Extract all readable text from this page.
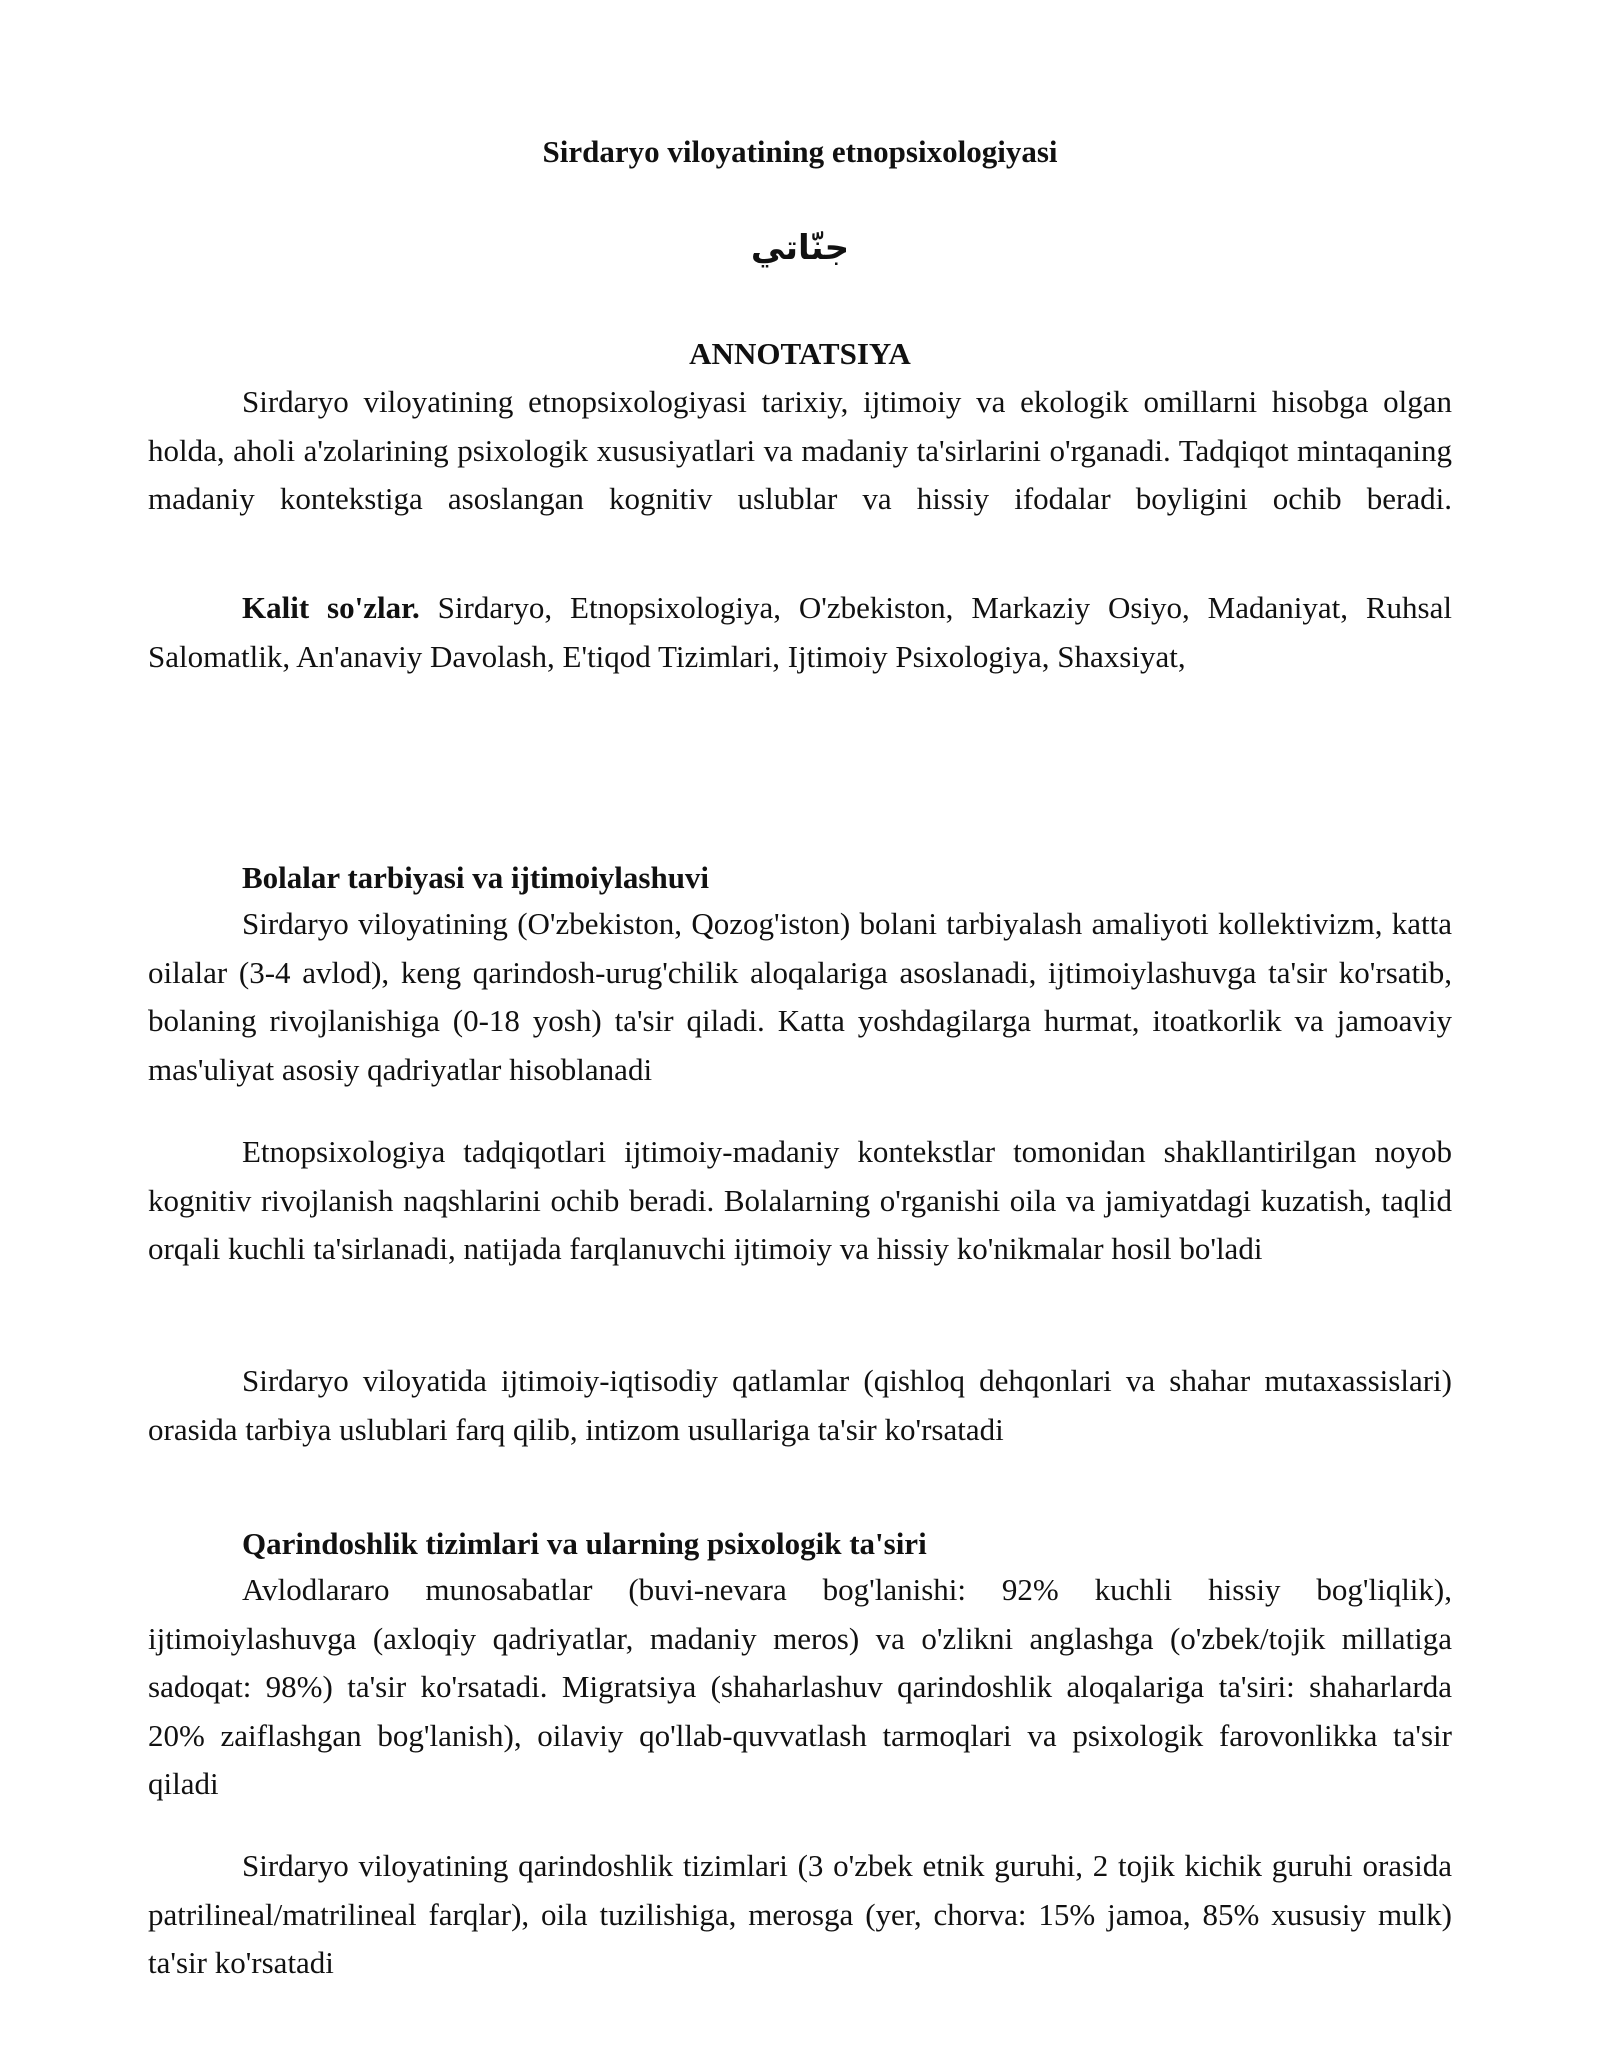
Sirdaryo viloyatining etnopsixologiyasi

جنّاتي

ANNOTATSIYA

Sirdaryo viloyatining etnopsixologiyasi tarixiy, ijtimoiy va ekologik omillarni hisobga olgan holda, aholi a'zolarining psixologik xususiyatlari va madaniy ta'sirlarini o'rganadi. Tadqiqot mintaqaning madaniy kontekstiga asoslangan kognitiv uslublar va hissiy ifodalar boyligini ochib beradi.

Kalit so'zlar. Sirdaryo, Etnopsixologiya, O'zbekiston, Markaziy Osiyo, Madaniyat, Ruhsal Salomatlik, An'anaviy Davolash, E'tiqod Tizimlari, Ijtimoiy Psixologiya, Shaxsiyat,

Bolalar tarbiyasi va ijtimoiylashuvi

Sirdaryo viloyatining (O'zbekiston, Qozog'iston) bolani tarbiyalash amaliyoti kollektivizm, katta oilalar (3-4 avlod), keng qarindosh-urug'chilik aloqalariga asoslanadi, ijtimoiylashuvga ta'sir ko'rsatib, bolaning rivojlanishiga (0-18 yosh) ta'sir qiladi. Katta yoshdagilarga hurmat, itoatkorlik va jamoaviy mas'uliyat asosiy qadriyatlar hisoblanadi

Etnopsixologiya tadqiqotlari ijtimoiy-madaniy kontekstlar tomonidan shakllantirilgan noyob kognitiv rivojlanish naqshlarini ochib beradi. Bolalarning o'rganishi oila va jamiyatdagi kuzatish, taqlid orqali kuchli ta'sirlanadi, natijada farqlanuvchi ijtimoiy va hissiy ko'nikmalar hosil bo'ladi

Sirdaryo viloyatida ijtimoiy-iqtisodiy qatlamlar (qishloq dehqonlari va shahar mutaxassislari) orasida tarbiya uslublari farq qilib, intizom usullariga ta'sir ko'rsatadi

Qarindoshlik tizimlari va ularning psixologik ta'siri

Avlodlararo munosabatlar (buvi-nevara bog'lanishi: 92% kuchli hissiy bog'liqlik), ijtimoiylashuvga (axloqiy qadriyatlar, madaniy meros) va o'zlikni anglashga (o'zbek/tojik millatiga sadoqat: 98%) ta'sir ko'rsatadi. Migratsiya (shaharlashuv qarindoshlik aloqalariga ta'siri: shaharlarda 20% zaiflashgan bog'lanish), oilaviy qo'llab-quvvatlash tarmoqlari va psixologik farovonlikka ta'sir qiladi

Sirdaryo viloyatining qarindoshlik tizimlari (3 o'zbek etnik guruhi, 2 tojik kichik guruhi orasida patrilineal/matrilineal farqlar), oila tuzilishiga, merosga (yer, chorva: 15% jamoa, 85% xususiy mulk) ta'sir ko'rsatadi
